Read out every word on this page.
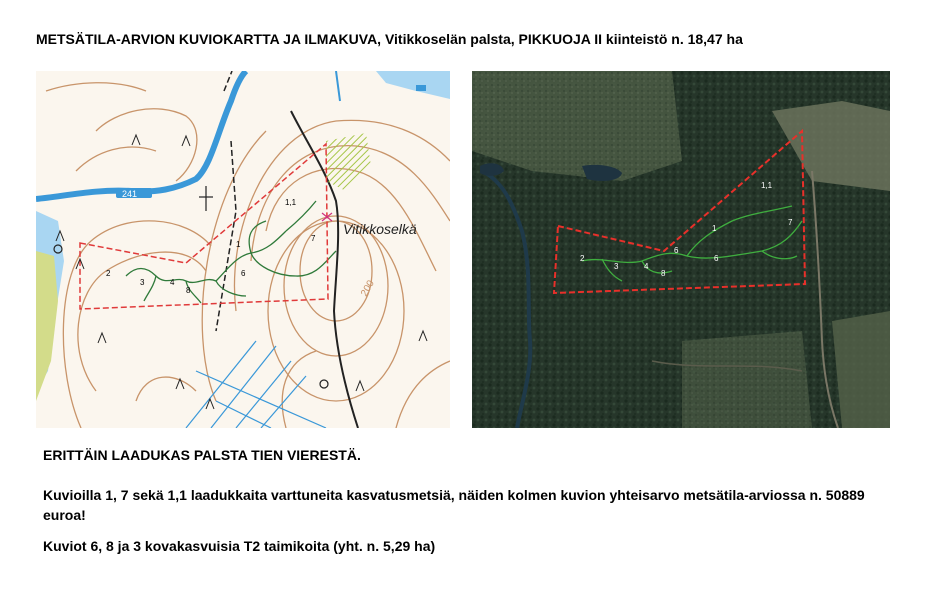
METSÄTILA-ARVION KUVIOKARTTA JA ILMAKUVA, Vitikkoselän palsta, PIKKUOJA II kiinteistö n. 18,47 ha
241
2
3	4
8
6
1
1,1
7
Vitikkoselkä
200
2
3	4
8
6
6
1
1,1
7
ERITTÄIN LAADUKAS PALSTA TIEN VIERESTÄ.
Kuvioilla 1, 7 sekä 1,1 laadukkaita varttuneita kasvatusmetsiä, näiden kolmen kuvion yhteisarvo metsätila-arviossa n. 50889 euroa!
Kuviot 6, 8 ja 3 kovakasvuisia T2 taimikoita (yht. n. 5,29 ha)
